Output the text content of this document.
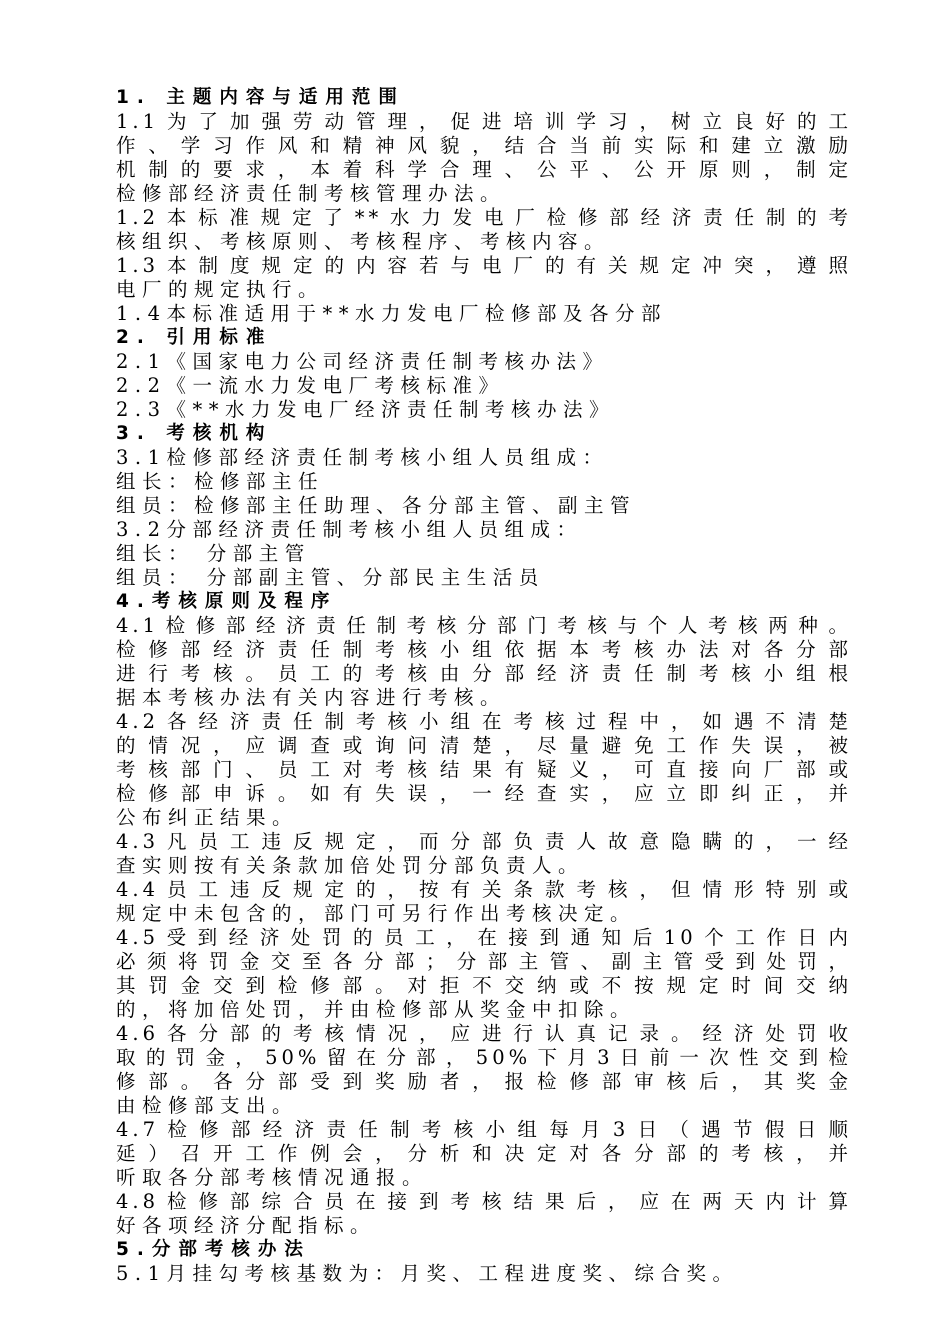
1. 主题内容与适用范围

1.1为了加强劳动管理，促进培训学习，树立良好的工

作、学习作风和精神风貌，结合当前实际和建立激励

机制的要求，本着科学合理、公平、公开原则，制定

检修部经济责任制考核管理办法。

1.2本标准规定了**水力发电厂检修部经济责任制的考

核组织、考核原则、考核程序、考核内容。

1.3本制度规定的内容若与电厂的有关规定冲突，遵照

电厂的规定执行。

1.4本标准适用于**水力发电厂检修部及各分部

2. 引用标准

2.1《国家电力公司经济责任制考核办法》

2.2《一流水力发电厂考核标准》

2.3《**水力发电厂经济责任制考核办法》

3. 考核机构

3.1检修部经济责任制考核小组人员组成：

组长：检修部主任

组员：检修部主任助理、各分部主管、副主管

3.2分部经济责任制考核小组人员组成：

组长： 分部主管

组员： 分部副主管、分部民主生活员

4.考核原则及程序

4.1检修部经济责任制考核分部门考核与个人考核两种。

检修部经济责任制考核小组依据本考核办法对各分部

进行考核。员工的考核由分部经济责任制考核小组根

据本考核办法有关内容进行考核。

4.2各经济责任制考核小组在考核过程中，如遇不清楚

的情况，应调查或询问清楚，尽量避免工作失误，被

考核部门、员工对考核结果有疑义，可直接向厂部或

检修部申诉。如有失误，一经查实，应立即纠正，并

公布纠正结果。

4.3凡员工违反规定，而分部负责人故意隐瞒的，一经

查实则按有关条款加倍处罚分部负责人。

4.4员工违反规定的，按有关条款考核，但情形特别或

规定中未包含的，部门可另行作出考核决定。

4.5受到经济处罚的员工，在接到通知后10个工作日内

必须将罚金交至各分部；分部主管、副主管受到处罚，

其罚金交到检修部。对拒不交纳或不按规定时间交纳

的，将加倍处罚，并由检修部从奖金中扣除。

4.6各分部的考核情况，应进行认真记录。经济处罚收

取的罚金，50%留在分部，50%下月3日前一次性交到检

修部。各分部受到奖励者，报检修部审核后，其奖金

由检修部支出。

4.7检修部经济责任制考核小组每月3日（遇节假日顺

延）召开工作例会，分析和决定对各分部的考核，并

听取各分部考核情况通报。

4.8检修部综合员在接到考核结果后，应在两天内计算

好各项经济分配指标。

5.分部考核办法

5.1月挂勾考核基数为：月奖、工程进度奖、综合奖。
